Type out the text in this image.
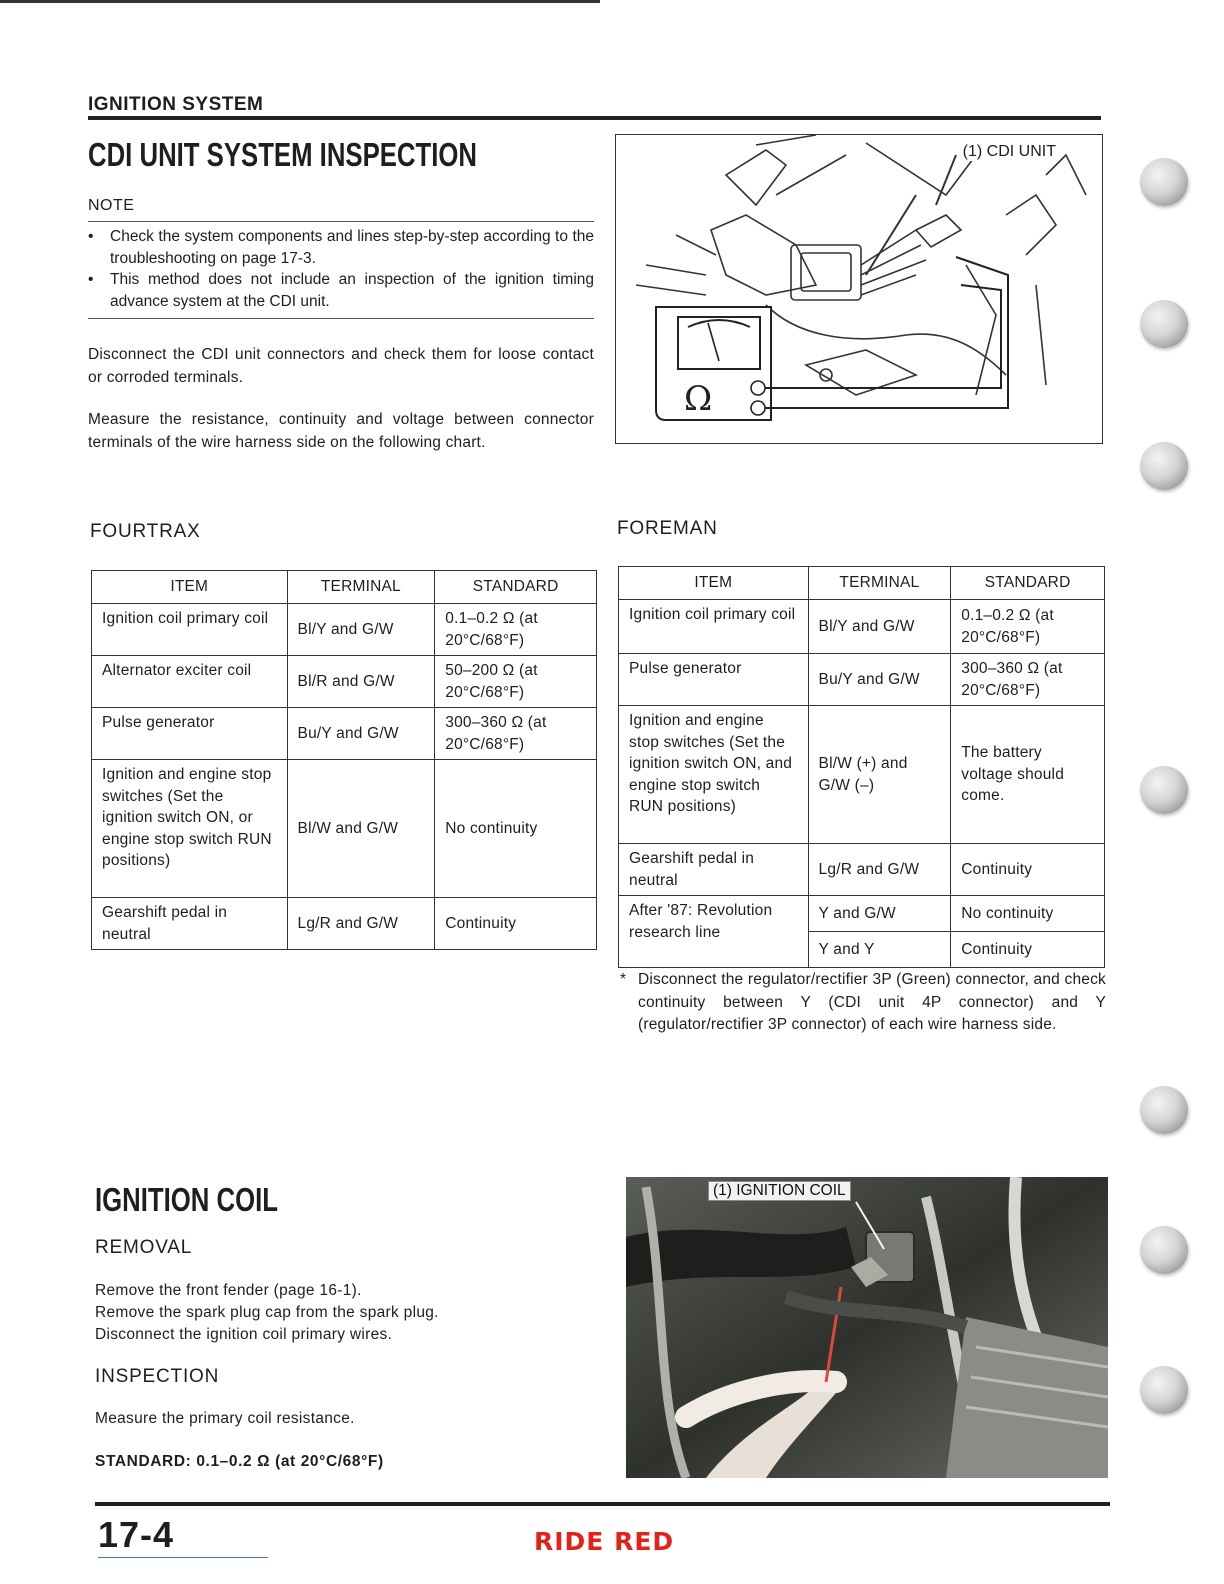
IGNITION SYSTEM
CDI UNIT SYSTEM INSPECTION
NOTE
• Check the system components and lines step-by-step according to the troubleshooting on page 17-3.
• This method does not include an inspection of the ignition timing advance system at the CDI unit.
Disconnect the CDI unit connectors and check them for loose contact or corroded terminals.
Measure the resistance, continuity and voltage between connector terminals of the wire harness side on the following chart.
Ω
(1) CDI UNIT
FOURTRAX
ITEM	TERMINAL	STANDARD
Ignition coil primary coil	Bl/Y and G/W	0.1–0.2 Ω (at 20°C/68°F)
Alternator exciter coil	Bl/R and G/W	50–200 Ω (at 20°C/68°F)
Pulse generator	Bu/Y and G/W	300–360 Ω (at 20°C/68°F)
Ignition and engine stop switches (Set the ignition switch ON, or engine stop switch RUN positions)	Bl/W and G/W	No continuity
Gearshift pedal in neutral	Lg/R and G/W	Continuity
FOREMAN
ITEM	TERMINAL	STANDARD
Ignition coil primary coil	Bl/Y and G/W	0.1–0.2 Ω (at 20°C/68°F)
Pulse generator	Bu/Y and G/W	300–360 Ω (at 20°C/68°F)
Ignition and engine stop switches (Set the ignition switch ON, and engine stop switch RUN positions)	Bl/W (+) and G/W (–)	The battery voltage should come.
Gearshift pedal in neutral	Lg/R and G/W	Continuity
After '87: Revolution research line	Y and G/W	No continuity
	Y and Y	Continuity
* Disconnect the regulator/rectifier 3P (Green) connector, and check continuity between Y (CDI unit 4P connector) and Y (regulator/rectifier 3P connector) of each wire harness side.
IGNITION COIL
REMOVAL
Remove the front fender (page 16-1).
Remove the spark plug cap from the spark plug.
Disconnect the ignition coil primary wires.
INSPECTION
Measure the primary coil resistance.
STANDARD: 0.1–0.2 Ω (at 20°C/68°F)
(1) IGNITION COIL
17-4	RIDE RED
